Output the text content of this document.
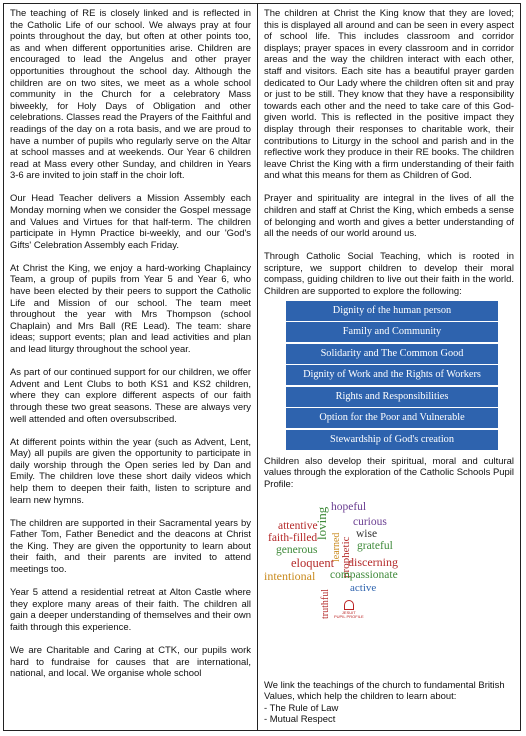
The teaching of RE is closely linked and is reflected in the Catholic Life of our school. We always pray at four points throughout the day, but often at other points too, as and when different opportunities arise. Children are encouraged to lead the Angelus and other prayer opportunities throughout the school day. Although the children are on two sites, we meet as a whole school community in the Church for a celebratory Mass biweekly, for Holy Days of Obligation and other celebrations. Classes read the Prayers of the Faithful and readings of the day on a rota basis, and we are proud to have a number of pupils who regularly serve on the Altar at school masses and at weekends. Our Year 6 children read at Mass every other Sunday, and children in Years 3-6 are invited to join staff in the choir loft.

Our Head Teacher delivers a Mission Assembly each Monday morning when we consider the Gospel message and Values and Virtues for that half-term. The children participate in Hymn Practice bi-weekly, and our 'God's Gifts' Celebration Assembly each Friday.

At Christ the King, we enjoy a hard-working Chaplaincy Team, a group of pupils from Year 5 and Year 6, who have been elected by their peers to support the Catholic Life and Mission of our school. The team meet throughout the year with Mrs Thompson (school Chaplain) and Mrs Ball (RE Lead). The team: share ideas; support events; plan and lead activities and plan and lead liturgy throughout the school year.

As part of our continued support for our children, we offer Advent and Lent Clubs to both KS1 and KS2 children, where they can explore different aspects of our faith through these two great seasons. These are always very well attended and often oversubscribed.

At different points within the year (such as Advent, Lent, May) all pupils are given the opportunity to participate in daily worship through the Open series led by Dan and Emily. The children love these short daily videos which help them to deepen their faith, listen to scripture and learn new hymns.

The children are supported in their Sacramental years by Father Tom, Father Benedict and the deacons at Christ the King. They are given the opportunity to learn about their faith, and their parents are invited to attend meetings too.

Year 5 attend a residential retreat at Alton Castle where they explore many areas of their faith. The children all gain a deeper understanding of themselves and their own faith through this experience.

We are Charitable and Caring at CTK, our pupils work hard to fundraise for causes that are international, national, and local. We organise whole school

The children at Christ the King know that they are loved; this is displayed all around and can be seen in every aspect of school life. This includes classroom and corridor displays; prayer spaces in every classroom and in corridor areas and the way the children interact with each other, staff and visitors. Each site has a beautiful prayer garden dedicated to Our Lady where the children often sit and pray or just to be still. They know that they have a responsibility towards each other and the need to take care of this God-given world. This is reflected in the positive impact they display through their responses to charitable work, their contributions to Liturgy in the school and parish and in the reflective work they produce in their RE books. The children leave Christ the King with a firm understanding of their faith and what this means for them as Children of God.

Prayer and spirituality are integral in the lives of all the children and staff at Christ the King, which embeds a sense of belonging and worth and gives a better understanding of all the needs of our world around us.

Through Catholic Social Teaching, which is rooted in scripture, we support children to develop their moral compass, guiding children to live out their faith in the world. Children are supported to explore the following:

Dignity of the human person
Family and Community
Solidarity and The Common Good
Dignity of Work and the Rights of Workers
Rights and Responsibilities
Option for the Poor and Vulnerable
Stewardship of God's creation

Children also develop their spiritual, moral and cultural values through the exploration of the Catholic Schools Pupil Profile:

loving hopeful
attentive
faith-filled learned
curious
wise
generous prophetic grateful
eloquent discerning
intentional compassionate
truthful
active
JESUIT
PUPIL PROFILE

We link the teachings of the church to fundamental British Values, which help the children to learn about:

- The Rule of Law

- Mutual Respect
